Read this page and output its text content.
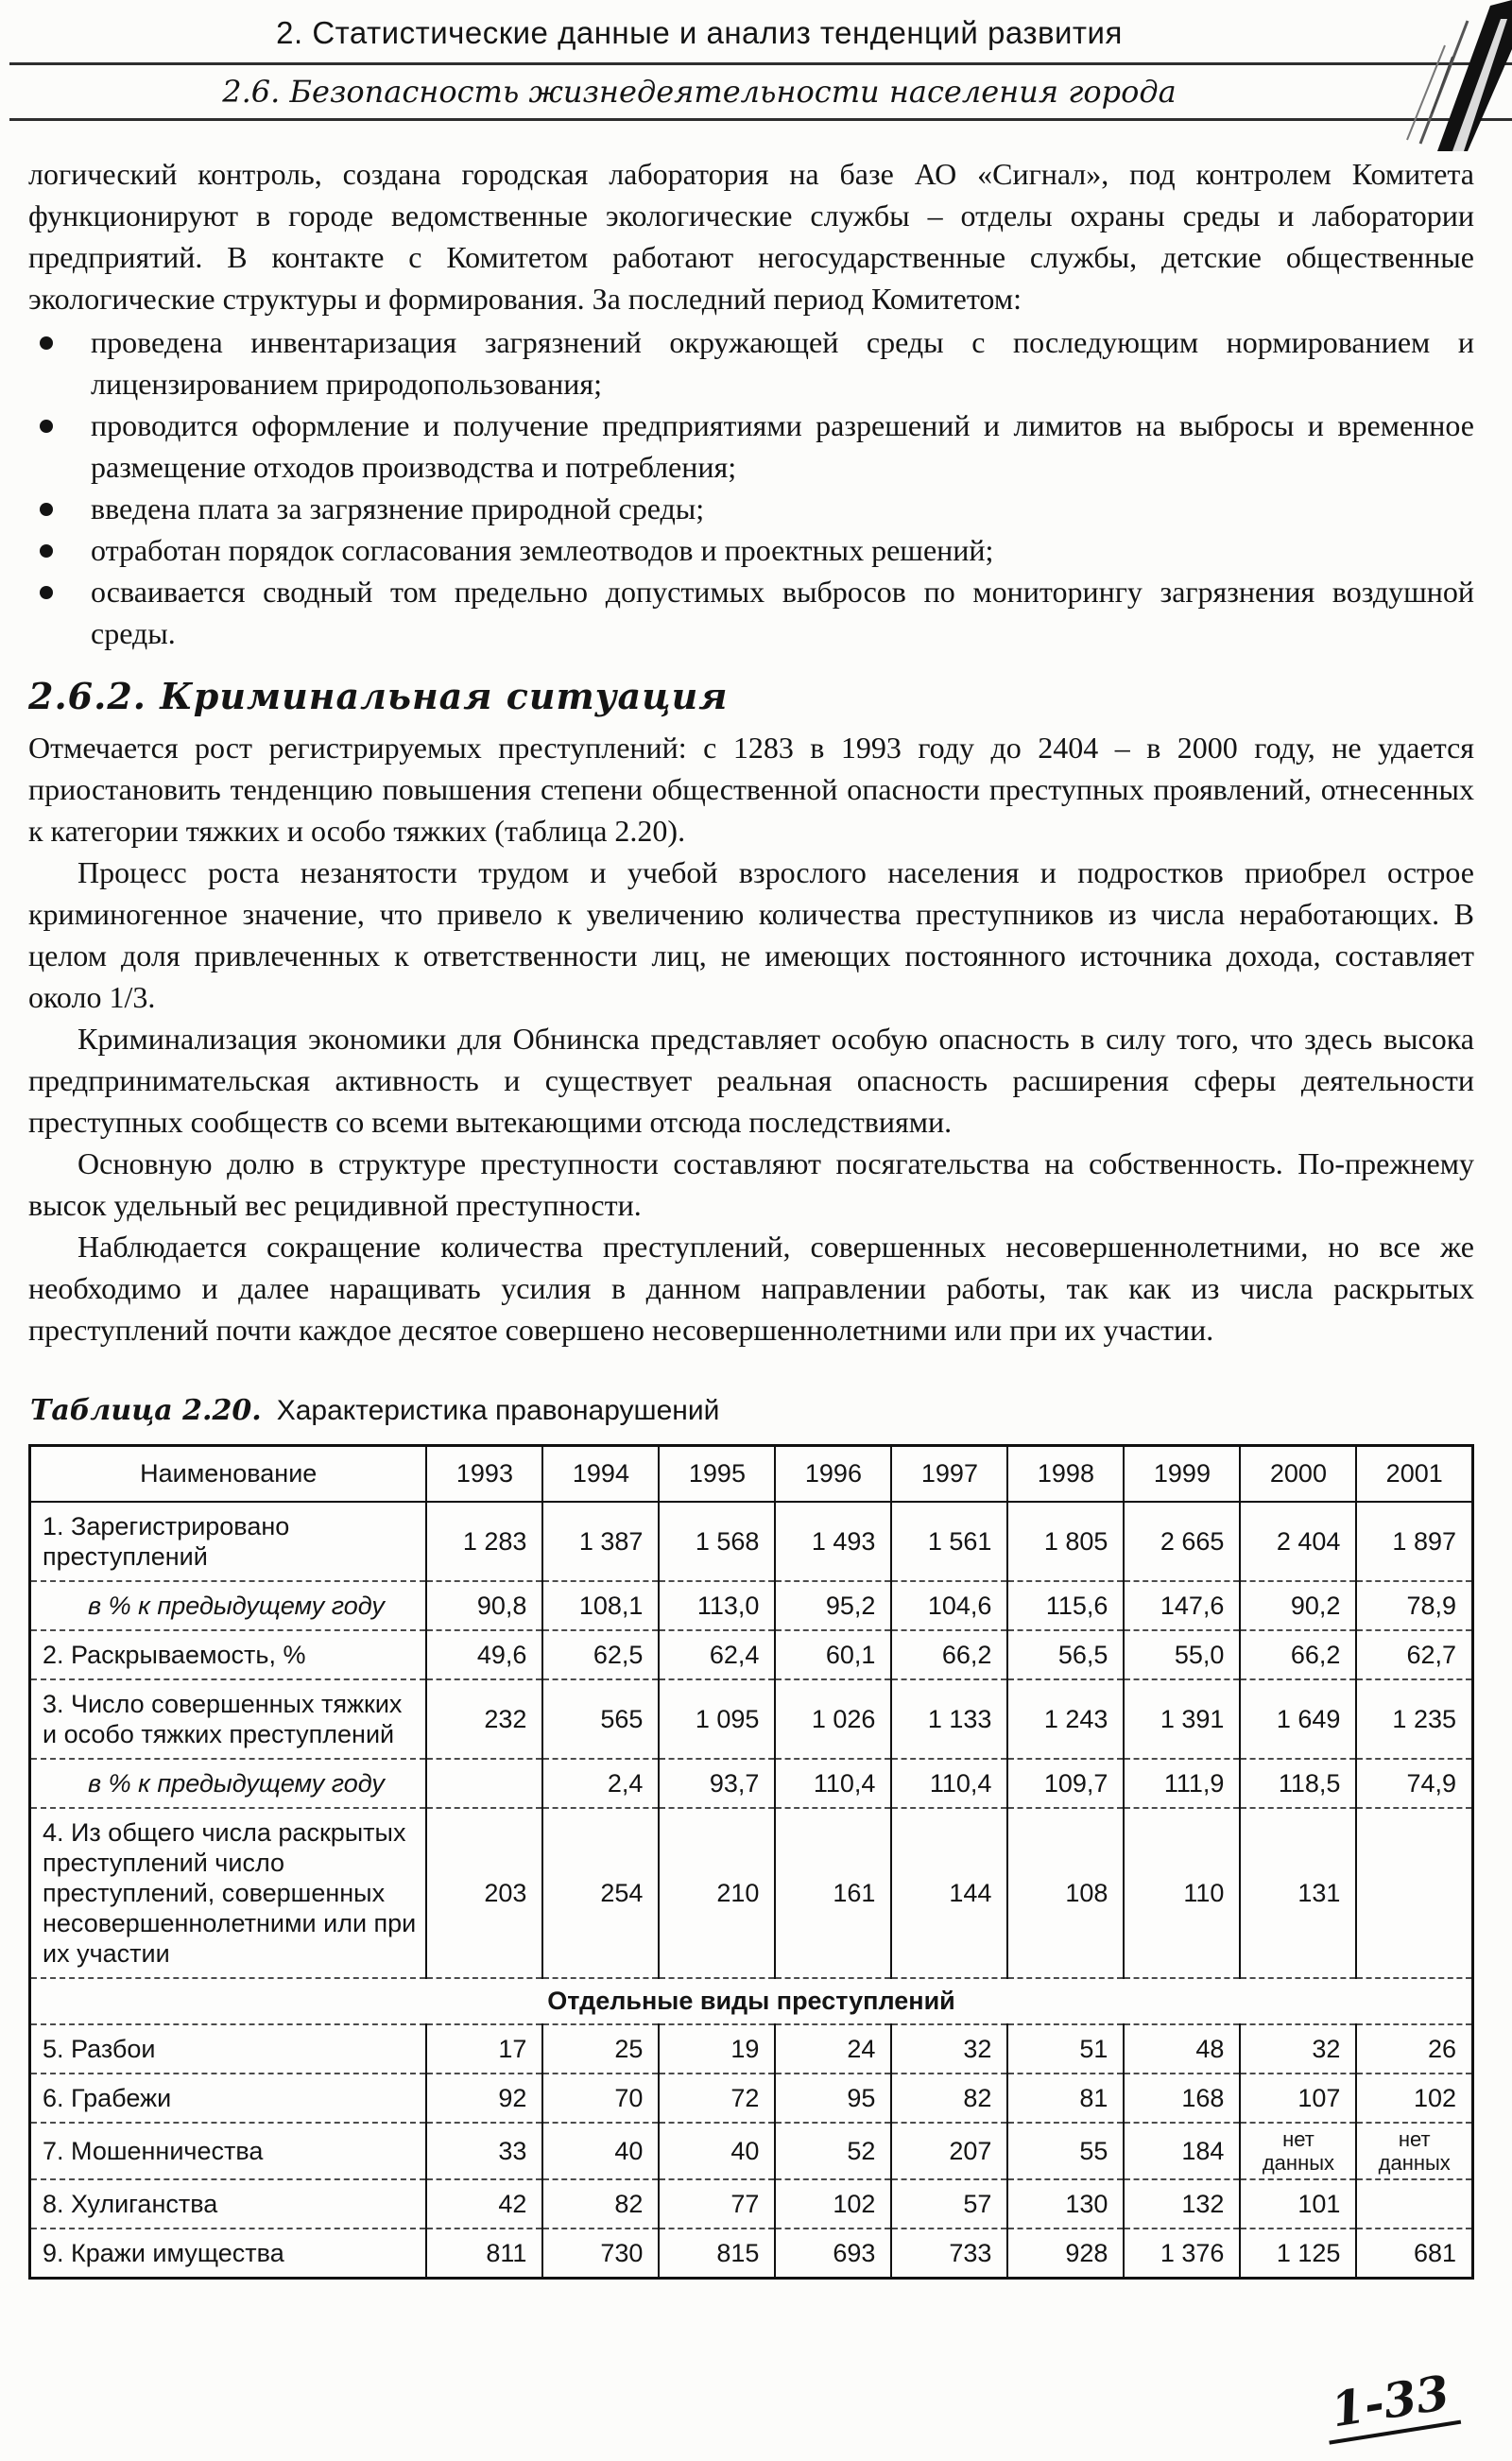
2. Статистические данные и анализ тенденций развития
2.6. Безопасность жизнедеятельности населения города

логический контроль, создана городская лаборатория на базе АО «Сигнал», под контролем Комитета функционируют в городе ведомственные экологические службы – отделы охраны среды и лаборатории предприятий. В контакте с Комитетом работают негосударственные службы, детские общественные экологические структуры и формирования. За последний период Комитетом:

проведена инвентаризация загрязнений окружающей среды с последующим нормированием и лицензированием природопользования;
проводится оформление и получение предприятиями разрешений и лимитов на выбросы и временное размещение отходов производства и потребления;
введена плата за загрязнение природной среды;
отработан порядок согласования землеотводов и проектных решений;
осваивается сводный том предельно допустимых выбросов по мониторингу загрязнения воздушной среды.
2.6.2. Криминальная ситуация

Отмечается рост регистрируемых преступлений: с 1283 в 1993 году до 2404 – в 2000 году, не удается приостановить тенденцию повышения степени общественной опасности преступных проявлений, отнесенных к категории тяжких и особо тяжких (таблица 2.20).

Процесс роста незанятости трудом и учебой взрослого населения и подростков приобрел острое криминогенное значение, что привело к увеличению количества преступников из числа неработающих. В целом доля привлеченных к ответственности лиц, не имеющих постоянного источника дохода, составляет около 1/3.

Криминализация экономики для Обнинска представляет особую опасность в силу того, что здесь высока предпринимательская активность и существует реальная опасность расширения сферы деятельности преступных сообществ со всеми вытекающими отсюда последствиями.

Основную долю в структуре преступности составляют посягательства на собственность. По-прежнему высок удельный вес рецидивной преступности.

Наблюдается сокращение количества преступлений, совершенных несовершеннолетними, но все же необходимо и далее наращивать усилия в данном направлении работы, так как из числа раскрытых преступлений почти каждое десятое совершено несовершеннолетними или при их участии.

Таблица 2.20. Характеристика правонарушений
Наименование	1993	1994	1995	1996	1997	1998	1999	2000	2001
1. Зарегистрировано преступлений	1 283	1 387	1 568	1 493	1 561	1 805	2 665	2 404	1 897
в % к предыдущему году	90,8	108,1	113,0	95,2	104,6	115,6	147,6	90,2	78,9
2. Раскрываемость, %	49,6	62,5	62,4	60,1	66,2	56,5	55,0	66,2	62,7
3. Число совершенных тяжких и особо тяжких преступлений	232	565	1 095	1 026	1 133	1 243	1 391	1 649	1 235
в % к предыдущему году		2,4	93,7	110,4	110,4	109,7	111,9	118,5	74,9
4. Из общего числа раскрытых преступлений число преступлений, совершенных несовершеннолетними или при их участии	203	254	210	161	144	108	110	131	
Отдельные виды преступлений									
5. Разбои	17	25	19	24	32	51	48	32	26
6. Грабежи	92	70	72	95	82	81	168	107	102
7. Мошенничества	33	40	40	52	207	55	184	нет данных	нет данных
8. Хулиганства	42	82	77	102	57	130	132	101	
9. Кражи имущества	811	730	815	693	733	928	1 376	1 125	681
1-33
